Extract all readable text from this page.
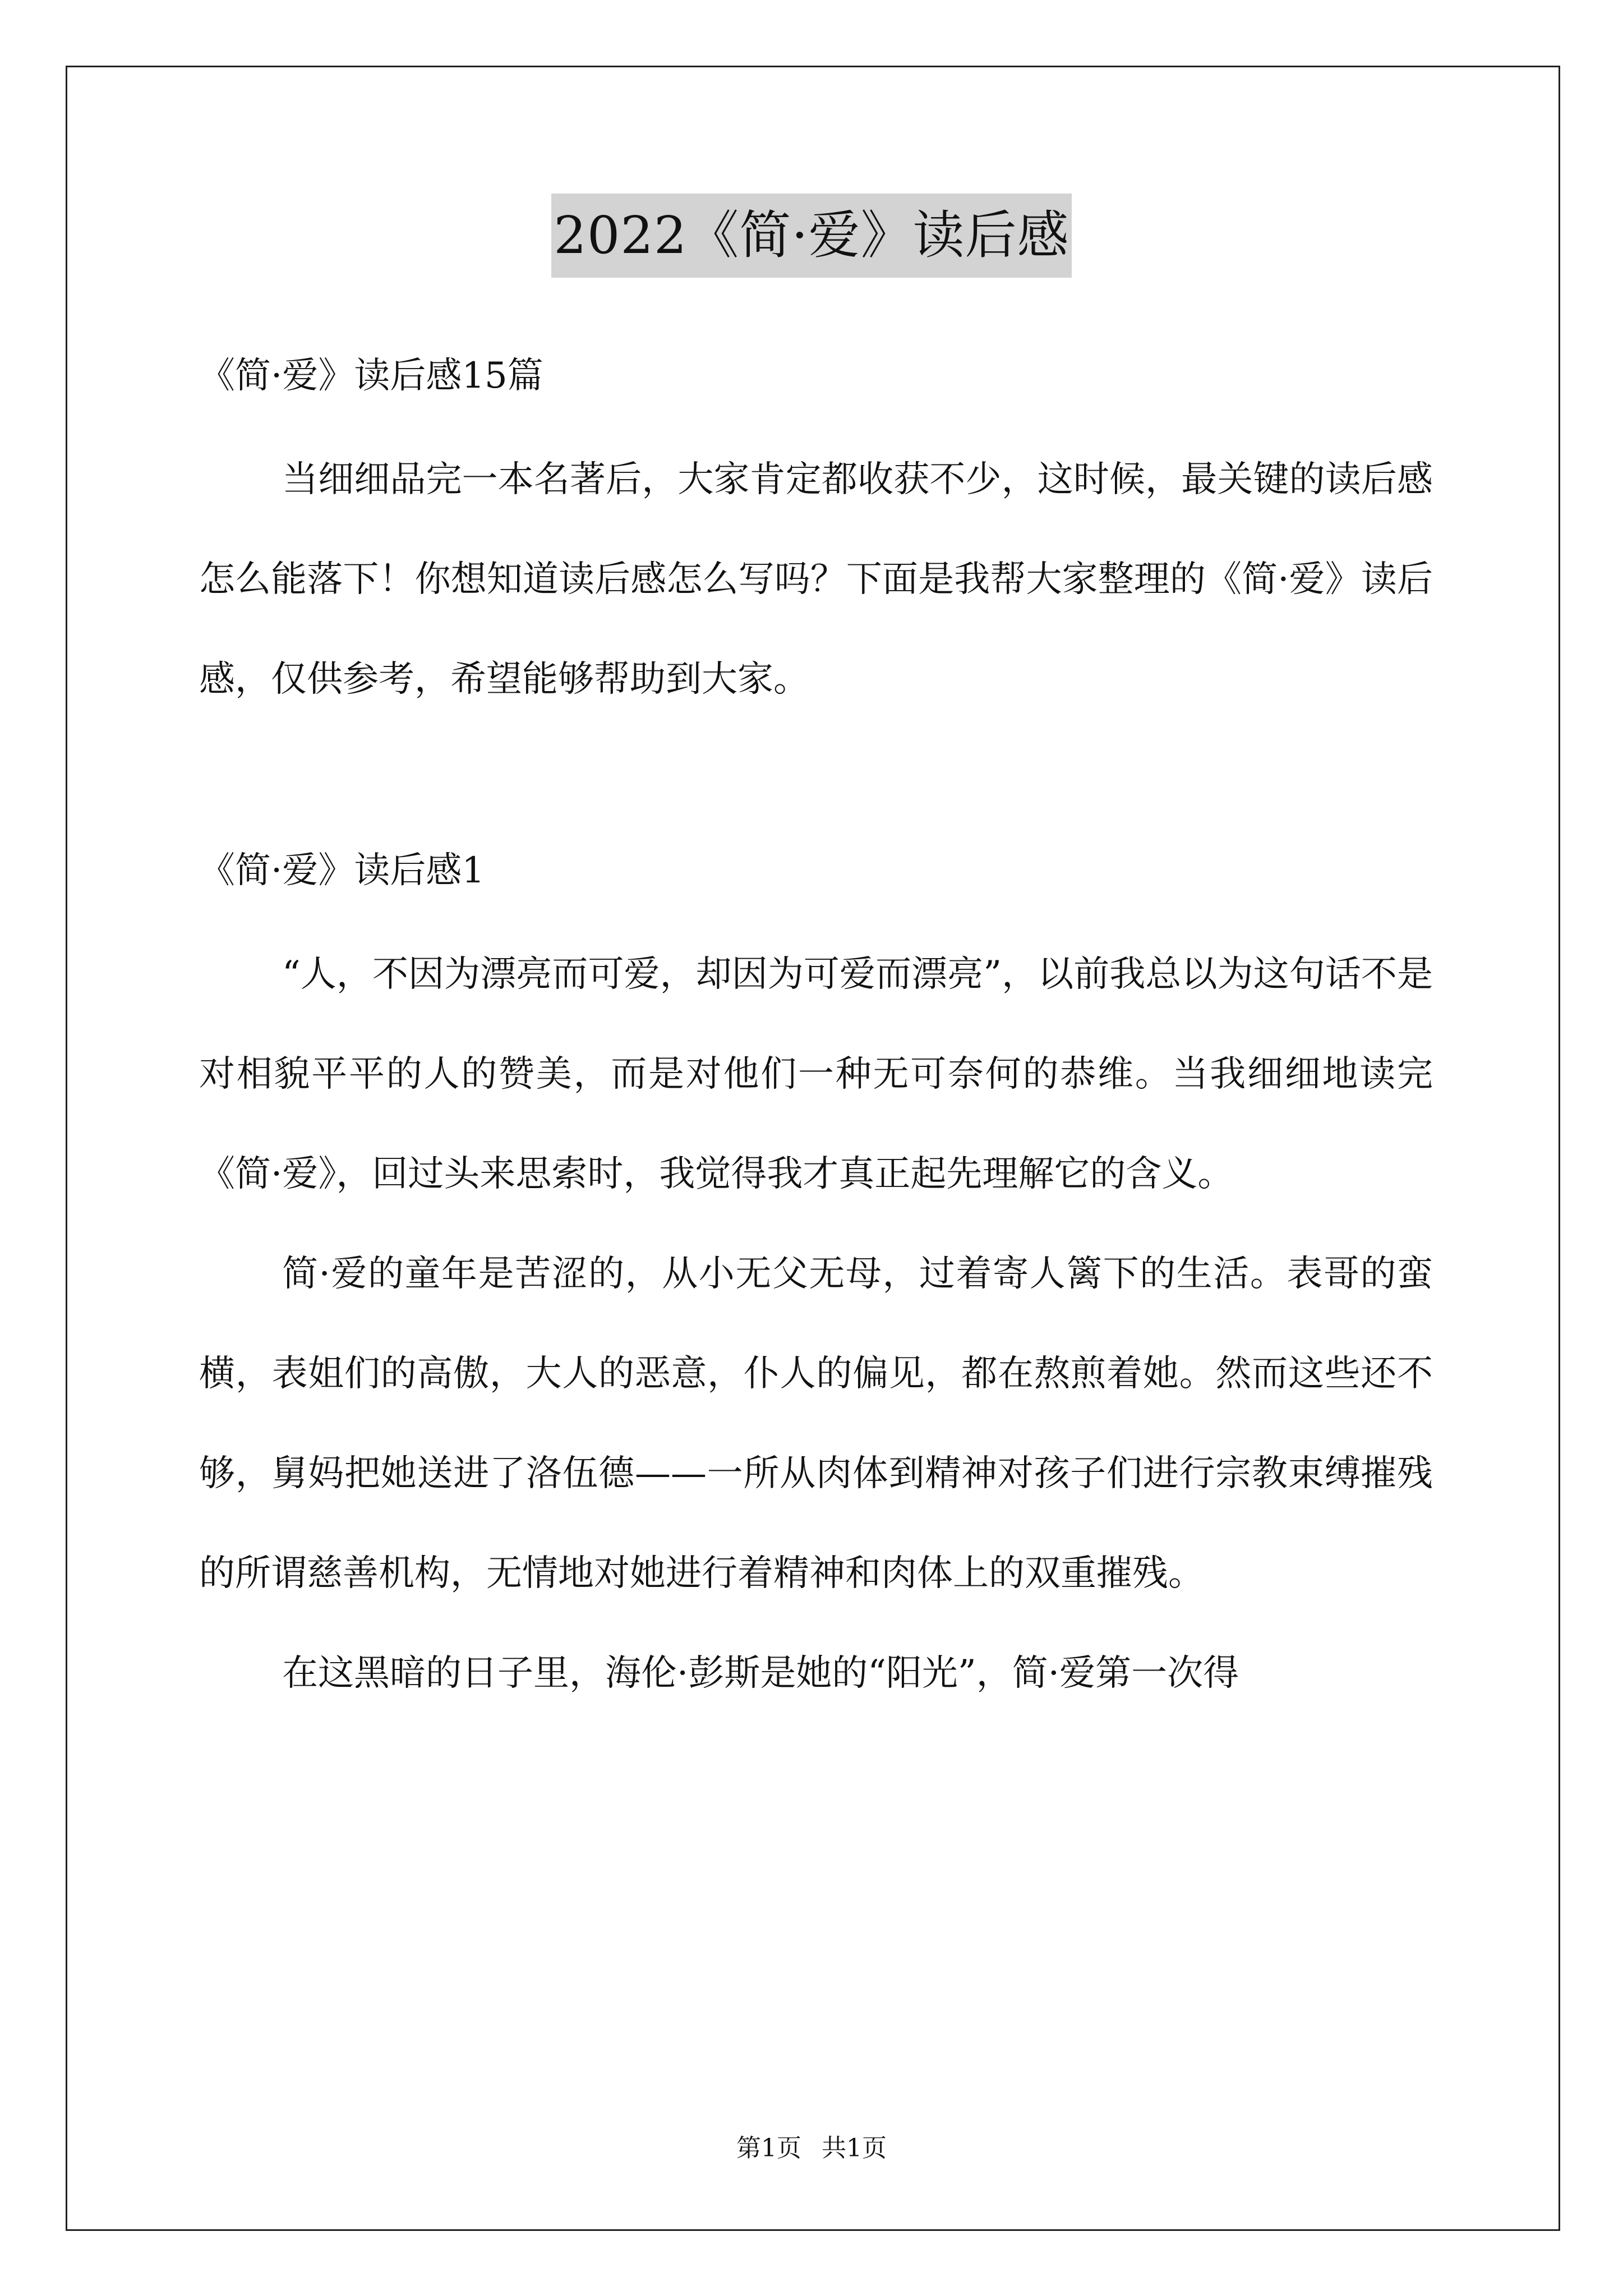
2022《简·爱》读后感

《简·爱》读后感15篇

当细细品完一本名著后，大家肯定都收获不少，这时候，最关键的读后感怎么能落下！你想知道读后感怎么写吗？下面是我帮大家整理的《简·爱》读后感，仅供参考，希望能够帮助到大家。

《简·爱》读后感1

“人，不因为漂亮而可爱，却因为可爱而漂亮”，以前我总以为这句话不是对相貌平平的人的赞美，而是对他们一种无可奈何的恭维。当我细细地读完《简·爱》，回过头来思索时，我觉得我才真正起先理解它的含义。

简·爱的童年是苦涩的，从小无父无母，过着寄人篱下的生活。表哥的蛮横，表姐们的高傲，大人的恶意，仆人的偏见，都在熬煎着她。然而这些还不够，舅妈把她送进了洛伍德——一所从肉体到精神对孩子们进行宗教束缚摧残的所谓慈善机构，无情地对她进行着精神和肉体上的双重摧残。

在这黑暗的日子里，海伦·彭斯是她的“阳光”，简·爱第一次得

第1页 共1页
